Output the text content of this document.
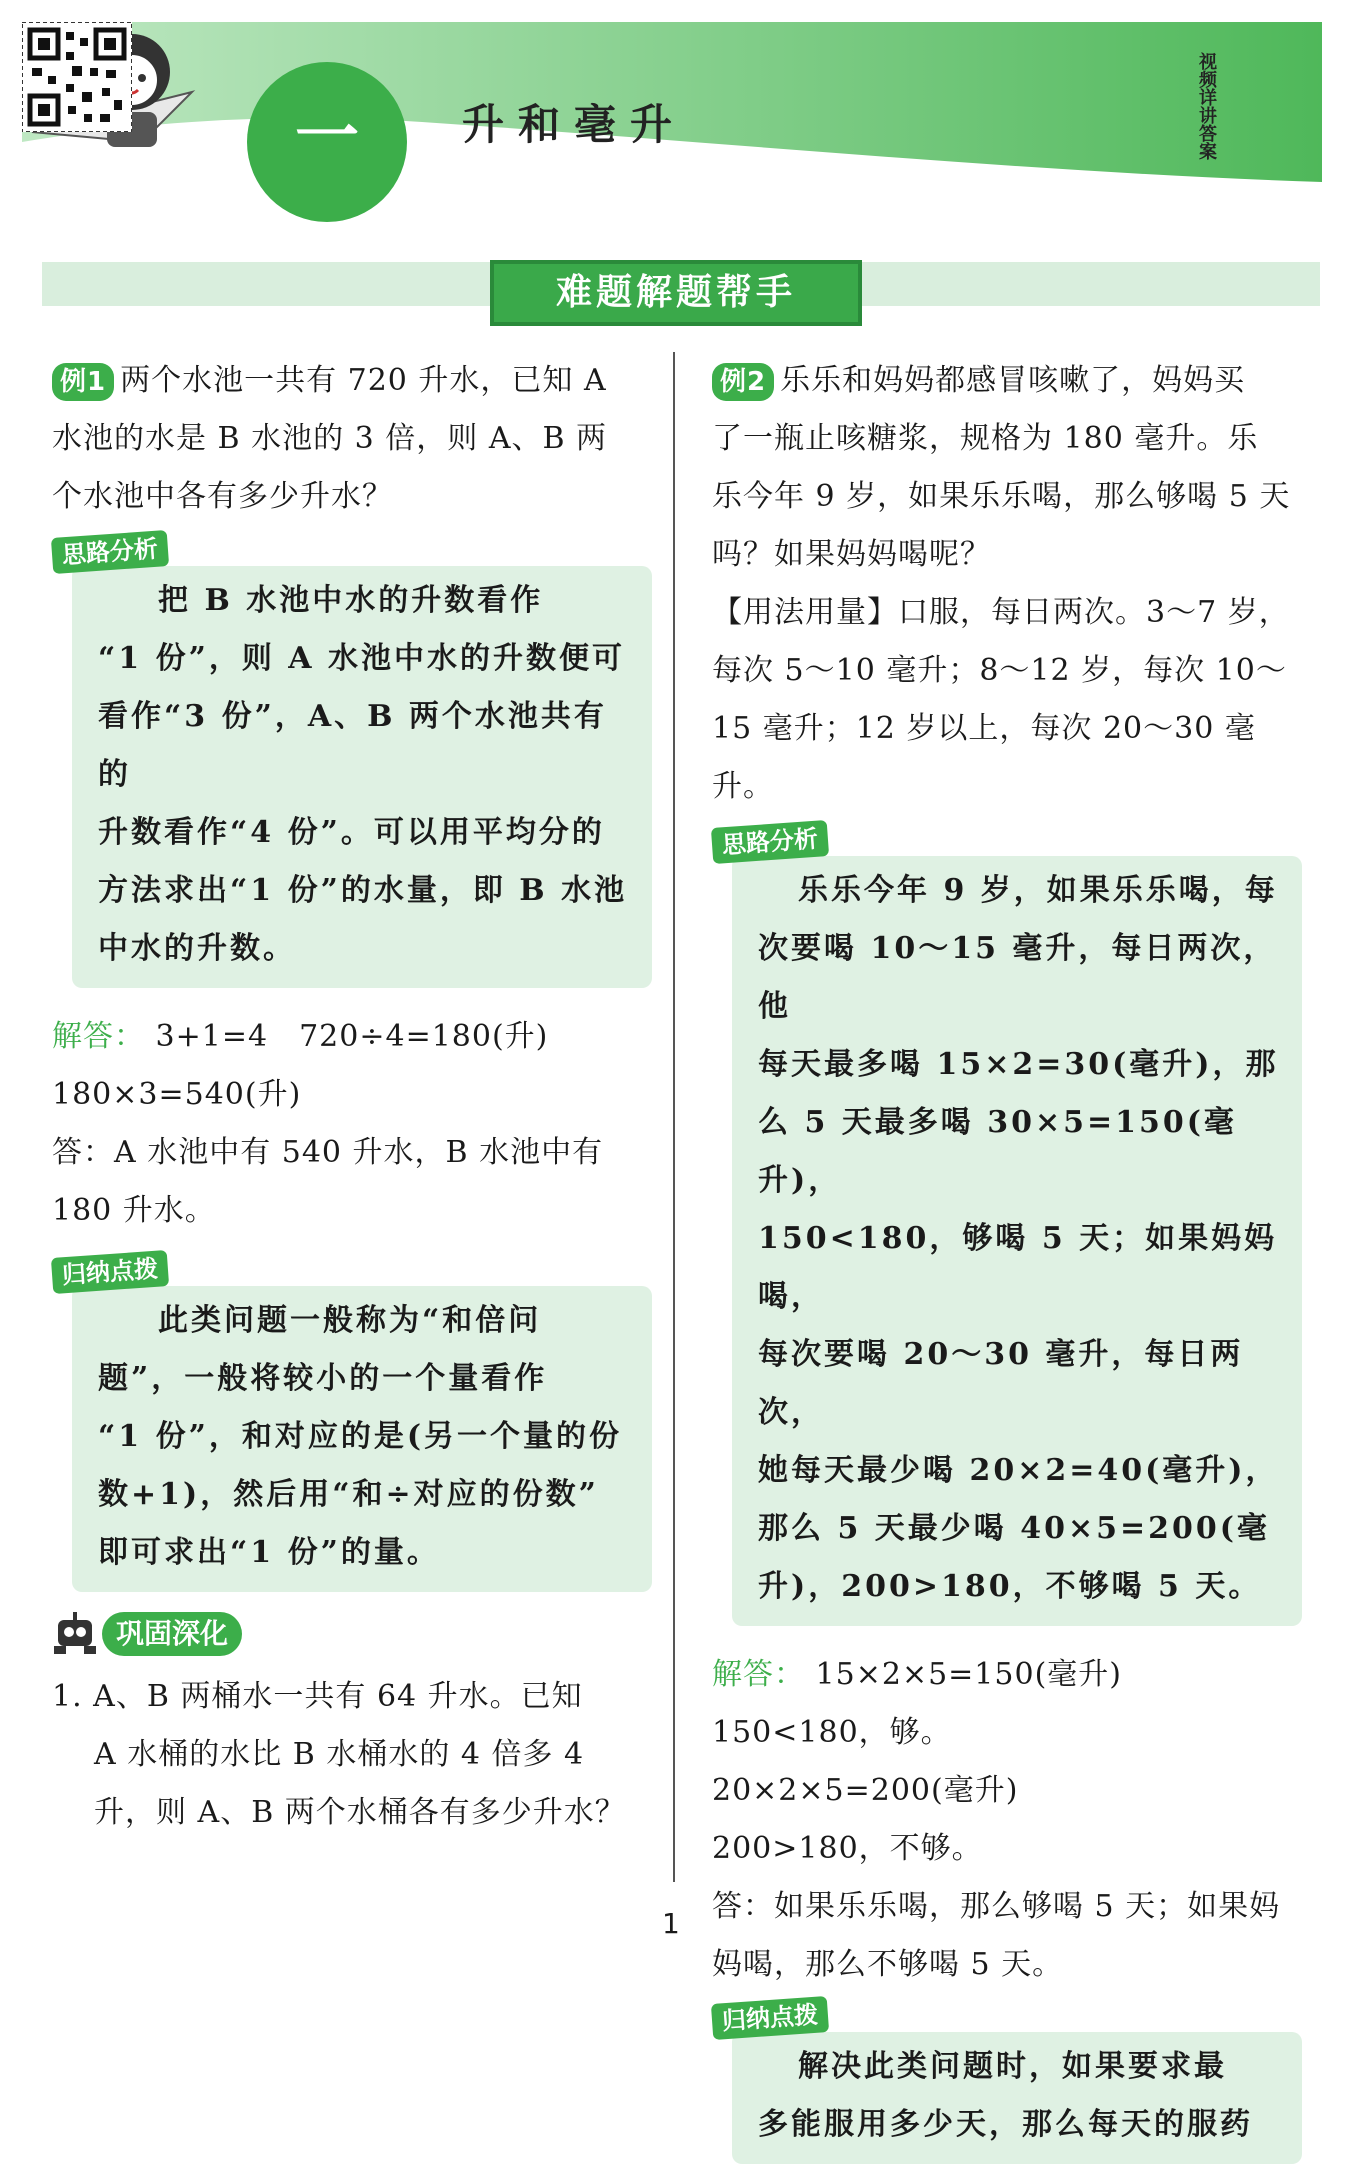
一	升和毫升	视频详讲答案
难题解题帮手

例1 两个水池一共有 720 升水，已知 A

水池的水是 B 水池的 3 倍，则 A、B 两

个水池中各有多少升水？

思路分析

把 B 水池中水的升数看作

“1 份”，则 A 水池中水的升数便可

看作“3 份”，A、B 两个水池共有的

升数看作“4 份”。可以用平均分的

方法求出“1 份”的水量，即 B 水池

中水的升数。

解答： 3+1=4　720÷4=180(升)

180×3=540(升)

答：A 水池中有 540 升水，B 水池中有

180 升水。

归纳点拨

此类问题一般称为“和倍问

题”，一般将较小的一个量看作

“1 份”，和对应的是(另一个量的份

数+1)，然后用“和÷对应的份数”

即可求出“1 份”的量。

巩固深化

1. A、B 两桶水一共有 64 升水。已知

A 水桶的水比 B 水桶水的 4 倍多 4

升，则 A、B 两个水桶各有多少升水？

例2 乐乐和妈妈都感冒咳嗽了，妈妈买

了一瓶止咳糖浆，规格为 180 毫升。乐

乐今年 9 岁，如果乐乐喝，那么够喝 5 天

吗？如果妈妈喝呢？

【用法用量】口服，每日两次。3～7 岁，

每次 5～10 毫升；8～12 岁，每次 10～

15 毫升；12 岁以上，每次 20～30 毫升。

思路分析

乐乐今年 9 岁，如果乐乐喝，每

次要喝 10～15 毫升，每日两次，他

每天最多喝 15×2=30(毫升)，那

么 5 天最多喝 30×5=150(毫升)，

150<180，够喝 5 天；如果妈妈喝，

每次要喝 20～30 毫升，每日两次，

她每天最少喝 20×2=40(毫升)，

那么 5 天最少喝 40×5=200(毫

升)，200>180，不够喝 5 天。

解答： 15×2×5=150(毫升)

150<180，够。

20×2×5=200(毫升)

200>180，不够。

答：如果乐乐喝，那么够喝 5 天；如果妈

妈喝，那么不够喝 5 天。

归纳点拨

解决此类问题时，如果要求最

多能服用多少天，那么每天的服药

1
